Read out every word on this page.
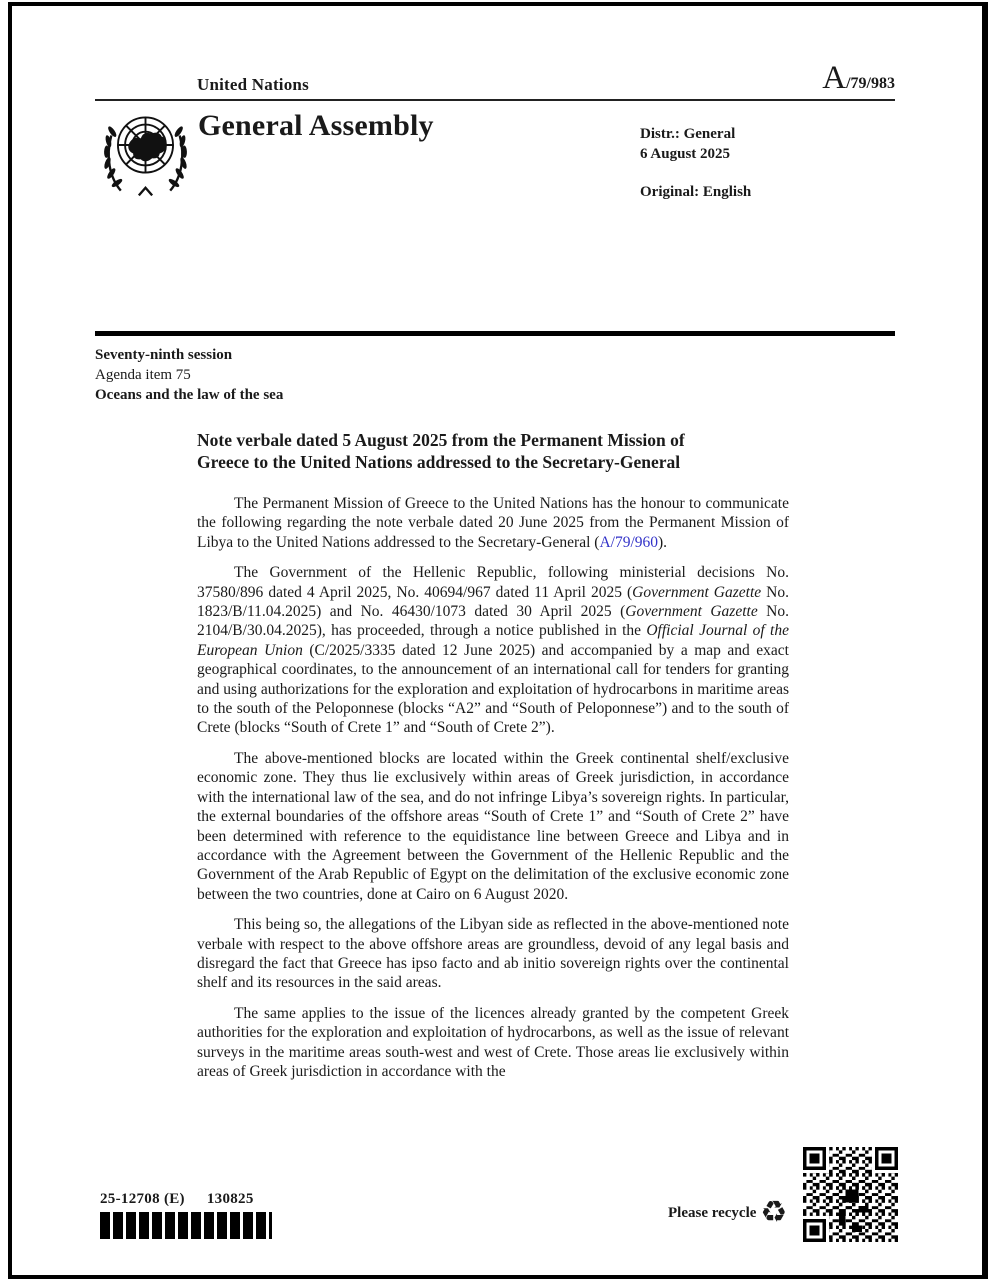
United Nations	A /79/983
General Assembly	Distr.: General
6 August 2025
Original: English
Seventy-ninth session
Agenda item 75
Oceans and the law of the sea
Note verbale dated 5 August 2025 from the Permanent Mission of
Greece to the United Nations addressed to the Secretary-General

The Permanent Mission of Greece to the United Nations has the honour to communicate the following regarding the note verbale dated 20 June 2025 from the Permanent Mission of Libya to the United Nations addressed to the Secretary-General (A/79/960).

The Government of the Hellenic Republic, following ministerial decisions No. 37580/896 dated 4 April 2025, No. 40694/967 dated 11 April 2025 (Government Gazette No. 1823/B/11.04.2025) and No. 46430/1073 dated 30 April 2025 (Government Gazette No. 2104/B/30.04.2025), has proceeded, through a notice published in the Official Journal of the European Union (C/2025/3335 dated 12 June 2025) and accompanied by a map and exact geographical coordinates, to the announcement of an international call for tenders for granting and using authorizations for the exploration and exploitation of hydrocarbons in maritime areas to the south of the Peloponnese (blocks “A2” and “South of Peloponnese”) and to the south of Crete (blocks “South of Crete 1” and “South of Crete 2”).

The above-mentioned blocks are located within the Greek continental shelf/exclusive economic zone. They thus lie exclusively within areas of Greek jurisdiction, in accordance with the international law of the sea, and do not infringe Libya’s sovereign rights. In particular, the external boundaries of the offshore areas “South of Crete 1” and “South of Crete 2” have been determined with reference to the equidistance line between Greece and Libya and in accordance with the Agreement between the Government of the Hellenic Republic and the Government of the Arab Republic of Egypt on the delimitation of the exclusive economic zone between the two countries, done at Cairo on 6 August 2020.

This being so, the allegations of the Libyan side as reflected in the above-mentioned note verbale with respect to the above offshore areas are groundless, devoid of any legal basis and disregard the fact that Greece has ipso facto and ab initio sovereign rights over the continental shelf and its resources in the said areas.

The same applies to the issue of the licences already granted by the competent Greek authorities for the exploration and exploitation of hydrocarbons, as well as the issue of relevant surveys in the maritime areas south-west and west of Crete. Those areas lie exclusively within areas of Greek jurisdiction in accordance with the

25-12708 (E) 130825
Please recycle ♻
